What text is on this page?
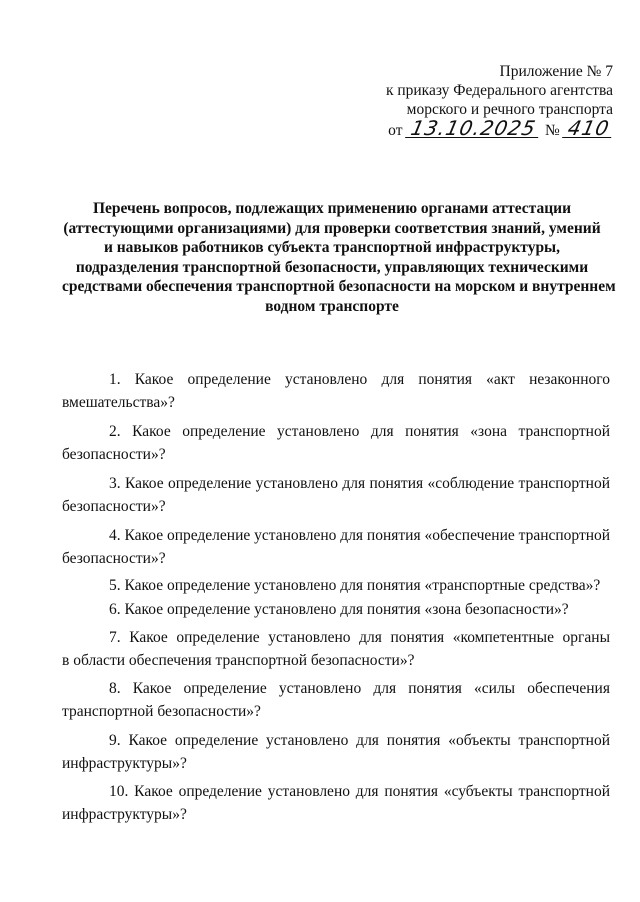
Приложение № 7
к приказу Федерального агентства
морского и речного транспорта
от 13.10.2025 № 410
Перечень вопросов, подлежащих применению органами аттестации
(аттестующими организациями) для проверки соответствия знаний, умений
и навыков работников субъекта транспортной инфраструктуры,
подразделения транспортной безопасности, управляющих техническими
средствами обеспечения транспортной безопасности на морском и внутреннем
водном транспорте
1. Какое определение установлено для понятия «акт незаконного
вмешательства»?
2. Какое определение установлено для понятия «зона транспортной
безопасности»?
3. Какое определение установлено для понятия «соблюдение транспортной
безопасности»?
4. Какое определение установлено для понятия «обеспечение транспортной
безопасности»?
5. Какое определение установлено для понятия «транспортные средства»?
6. Какое определение установлено для понятия «зона безопасности»?
7. Какое определение установлено для понятия «компетентные органы
в области обеспечения транспортной безопасности»?
8. Какое определение установлено для понятия «силы обеспечения
транспортной безопасности»?
9. Какое определение установлено для понятия «объекты транспортной
инфраструктуры»?
10. Какое определение установлено для понятия «субъекты транспортной
инфраструктуры»?
